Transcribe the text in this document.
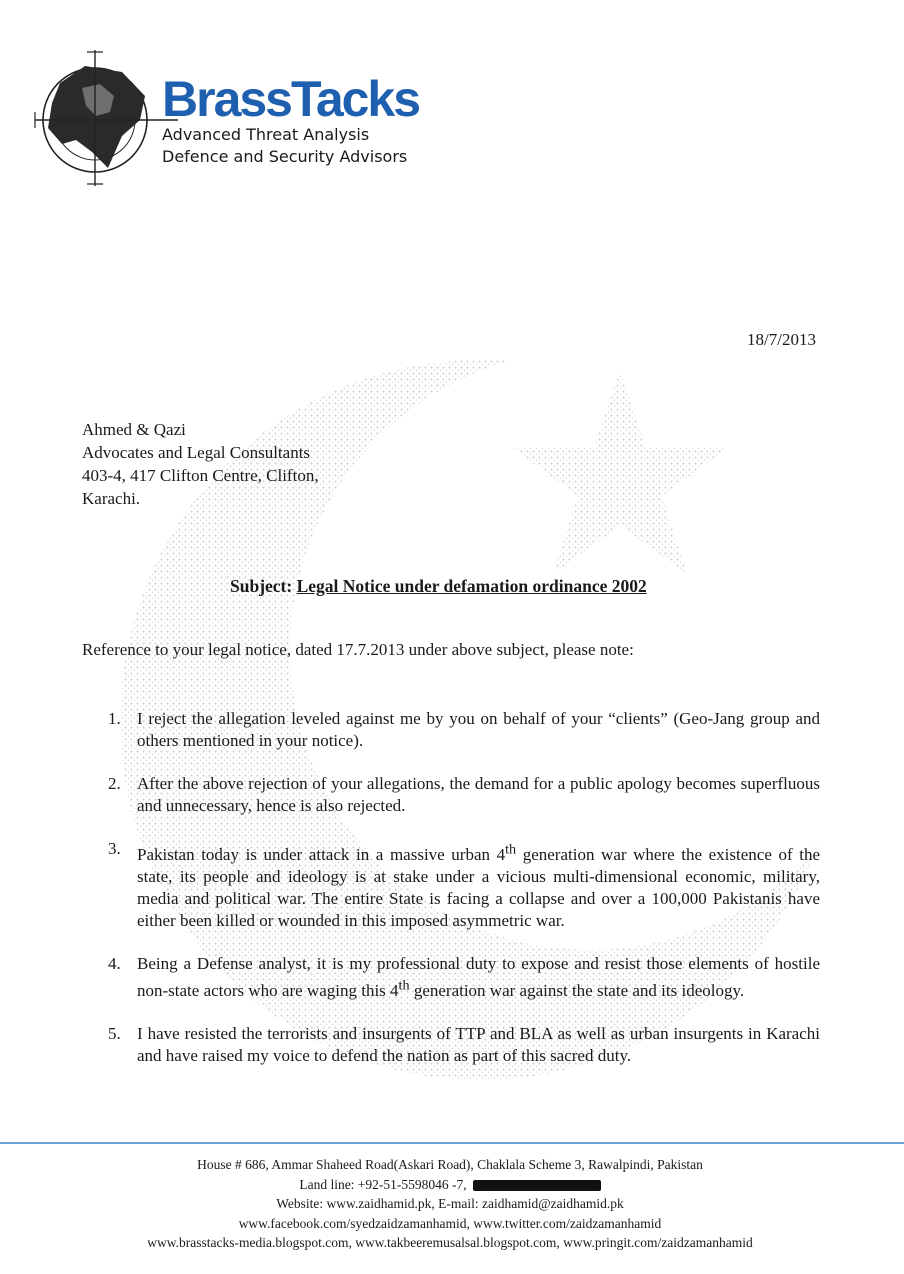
BrassTacks
Advanced Threat Analysis
Defence and Security Advisors
18/7/2013
Ahmed & Qazi
Advocates and Legal Consultants
403-4, 417 Clifton Centre, Clifton,
Karachi.
Subject: Legal Notice under defamation ordinance 2002
Reference to your legal notice, dated 17.7.2013 under above subject, please note:
1. I reject the allegation leveled against me by you on behalf of your “clients” (Geo-Jang group and others mentioned in your notice).
2. After the above rejection of your allegations, the demand for a public apology becomes superfluous and unnecessary, hence is also rejected.
3. Pakistan today is under attack in a massive urban 4th generation war where the existence of the state, its people and ideology is at stake under a vicious multi-dimensional economic, military, media and political war. The entire State is facing a collapse and over a 100,000 Pakistanis have either been killed or wounded in this imposed asymmetric war.
4. Being a Defense analyst, it is my professional duty to expose and resist those elements of hostile non-state actors who are waging this 4th generation war against the state and its ideology.
5. I have resisted the terrorists and insurgents of TTP and BLA as well as urban insurgents in Karachi and have raised my voice to defend the nation as part of this sacred duty.
House # 686, Ammar Shaheed Road(Askari Road), Chaklala Scheme 3, Rawalpindi, Pakistan
Land line: +92-51-5598046 -7,
Website: www.zaidhamid.pk, E-mail: zaidhamid@zaidhamid.pk
www.facebook.com/syedzaidzamanhamid, www.twitter.com/zaidzamanhamid
www.brasstacks-media.blogspot.com, www.takbeeremusalsal.blogspot.com, www.pringit.com/zaidzamanhamid
